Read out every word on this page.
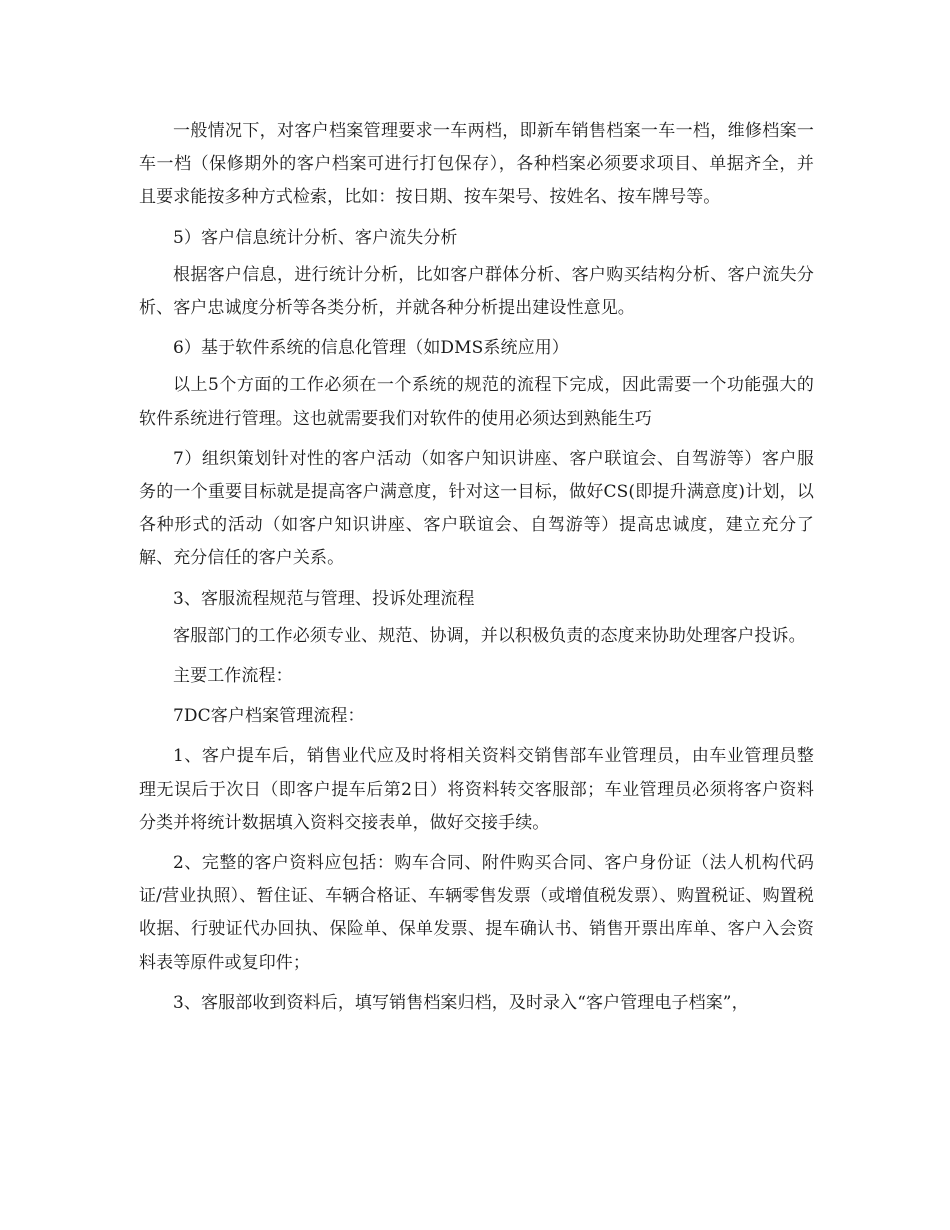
一般情况下，对客户档案管理要求一车两档，即新车销售档案一车一档，维修档案一车一档（保修期外的客户档案可进行打包保存），各种档案必须要求项目、单据齐全，并且要求能按多种方式检索，比如：按日期、按车架号、按姓名、按车牌号等。

5）客户信息统计分析、客户流失分析

根据客户信息，进行统计分析，比如客户群体分析、客户购买结构分析、客户流失分析、客户忠诚度分析等各类分析，并就各种分析提出建设性意见。

6）基于软件系统的信息化管理（如DMS系统应用）

以上5个方面的工作必须在一个系统的规范的流程下完成，因此需要一个功能强大的软件系统进行管理。这也就需要我们对软件的使用必须达到熟能生巧

7）组织策划针对性的客户活动（如客户知识讲座、客户联谊会、自驾游等）客户服务的一个重要目标就是提高客户满意度，针对这一目标，做好CS(即提升满意度)计划，以各种形式的活动（如客户知识讲座、客户联谊会、自驾游等）提高忠诚度，建立充分了解、充分信任的客户关系。

3、客服流程规范与管理、投诉处理流程

客服部门的工作必须专业、规范、协调，并以积极负责的态度来协助处理客户投诉。

主要工作流程：

7DC客户档案管理流程：

1、客户提车后，销售业代应及时将相关资料交销售部车业管理员，由车业管理员整理无误后于次日（即客户提车后第2日）将资料转交客服部；车业管理员必须将客户资料分类并将统计数据填入资料交接表单，做好交接手续。

2、完整的客户资料应包括：购车合同、附件购买合同、客户身份证（法人机构代码证/营业执照）、暂住证、车辆合格证、车辆零售发票（或增值税发票）、购置税证、购置税收据、行驶证代办回执、保险单、保单发票、提车确认书、销售开票出库单、客户入会资料表等原件或复印件；

3、客服部收到资料后，填写销售档案归档，及时录入“客户管理电子档案”，
